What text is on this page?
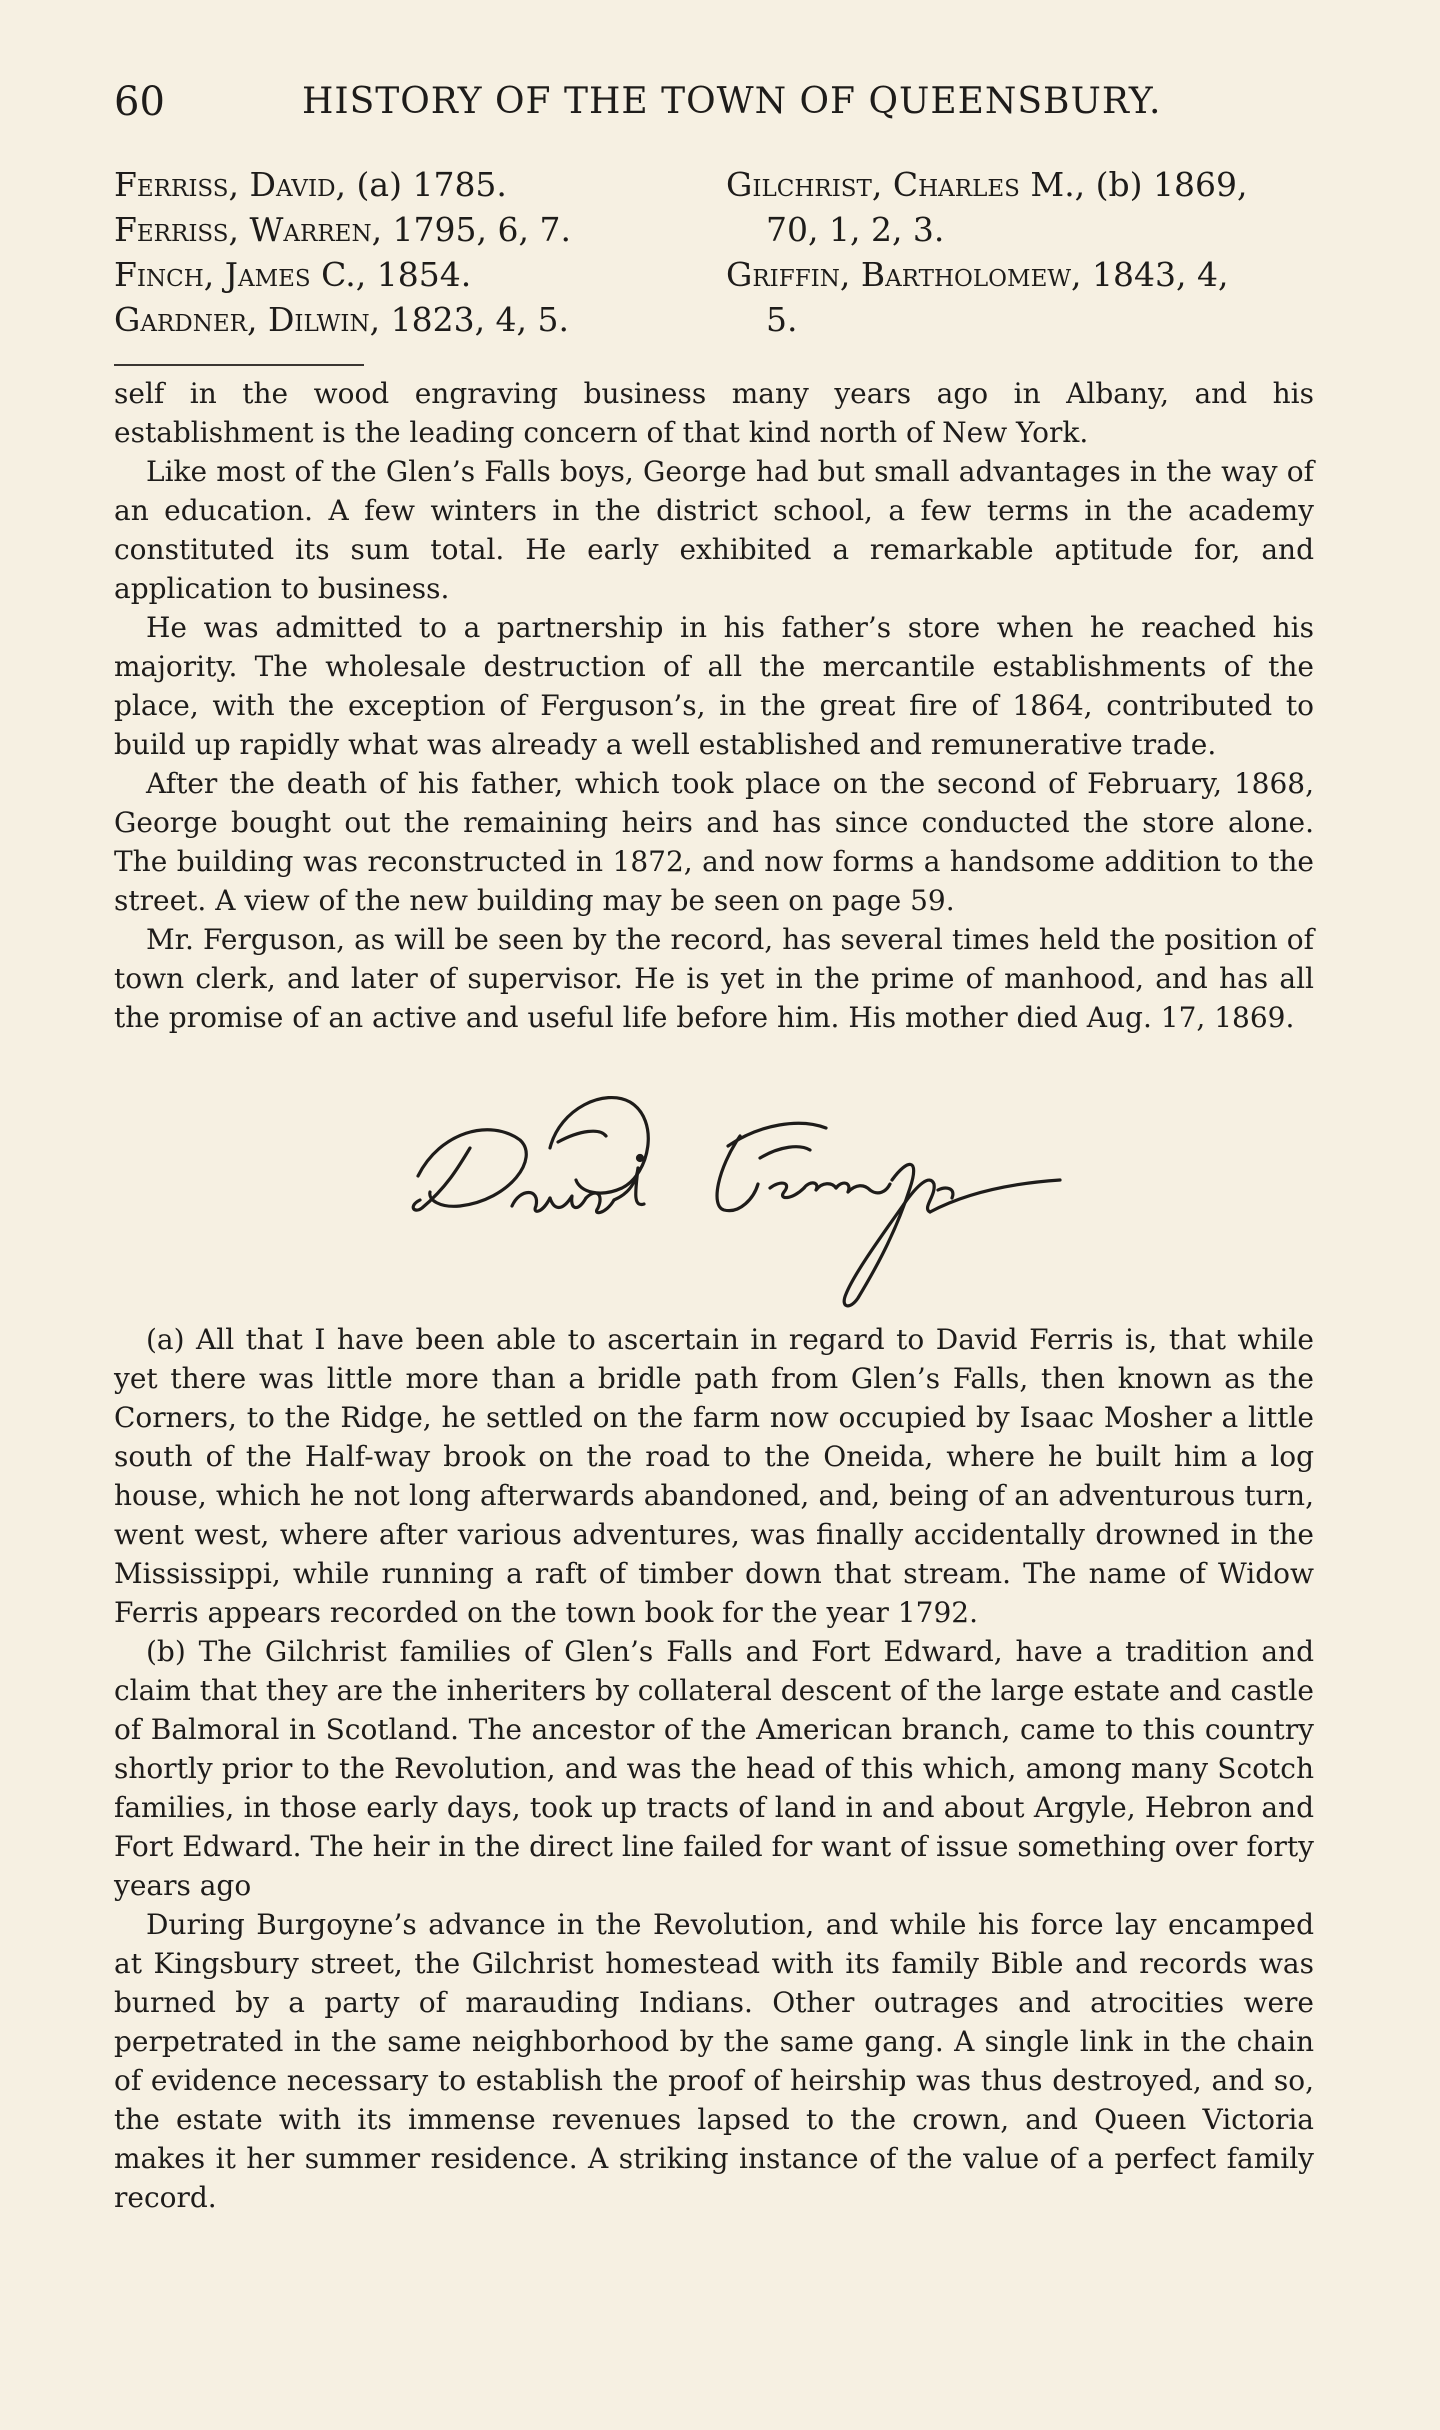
60	HISTORY OF THE TOWN OF QUEENSBURY.
Ferriss, David, (a) 1785.
Ferriss, Warren, 1795, 6, 7.
Finch, James C., 1854.
Gardner, Dilwin, 1823, 4, 5.
Gilchrist, Charles M., (b) 1869,
70, 1, 2, 3.
Griffin, Bartholomew, 1843, 4,
5.

self in the wood engraving business many years ago in Albany, and his establishment is the leading concern of that kind north of New York.

Like most of the Glen’s Falls boys, George had but small advantages in the way of an education. A few winters in the district school, a few terms in the academy constituted its sum total. He early exhibited a remarkable aptitude for, and application to business.

He was admitted to a partnership in his father’s store when he reached his majority. The wholesale destruction of all the mercantile establishments of the place, with the exception of Ferguson’s, in the great fire of 1864, contributed to build up rapidly what was already a well established and remunerative trade.

After the death of his father, which took place on the second of February, 1868, George bought out the remaining heirs and has since conducted the store alone. The building was reconstructed in 1872, and now forms a handsome addition to the street. A view of the new building may be seen on page 59.

Mr. Ferguson, as will be seen by the record, has several times held the position of town clerk, and later of supervisor. He is yet in the prime of manhood, and has all the promise of an active and useful life before him. His mother died Aug. 17, 1869.

(a) All that I have been able to ascertain in regard to David Ferris is, that while yet there was little more than a bridle path from Glen’s Falls, then known as the Corners, to the Ridge, he settled on the farm now occupied by Isaac Mosher a little south of the Half-way brook on the road to the Oneida, where he built him a log house, which he not long afterwards abandoned, and, being of an adventurous turn, went west, where after various adventures, was finally accidentally drowned in the Mississippi, while running a raft of timber down that stream. The name of Widow Ferris appears recorded on the town book for the year 1792.

(b) The Gilchrist families of Glen’s Falls and Fort Edward, have a tradition and claim that they are the inheriters by collateral descent of the large estate and castle of Balmoral in Scotland. The ancestor of the American branch, came to this country shortly prior to the Revolution, and was the head of this which, among many Scotch families, in those early days, took up tracts of land in and about Argyle, Hebron and Fort Edward. The heir in the direct line failed for want of issue something over forty years ago

During Burgoyne’s advance in the Revolution, and while his force lay encamped at Kingsbury street, the Gilchrist homestead with its family Bible and records was burned by a party of marauding Indians. Other outrages and atrocities were perpetrated in the same neighborhood by the same gang. A single link in the chain of evidence necessary to establish the proof of heirship was thus destroyed, and so, the estate with its immense revenues lapsed to the crown, and Queen Victoria makes it her summer residence. A striking instance of the value of a perfect family record.
